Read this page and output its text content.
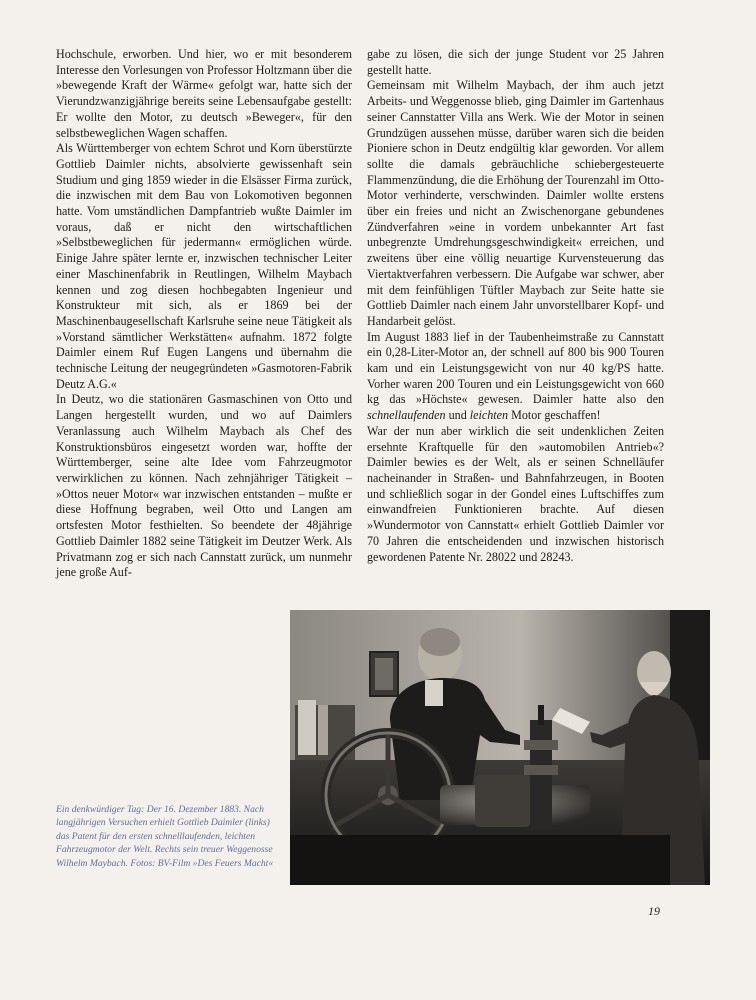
Hochschule, erworben. Und hier, wo er mit besonderem Interesse den Vorlesungen von Professor Holtzmann über die »bewegende Kraft der Wärme« gefolgt war, hatte sich der Vierundzwanzigjährige bereits seine Lebensaufgabe gestellt: Er wollte den Motor, zu deutsch »Beweger«, für den selbstbeweglichen Wagen schaffen.

Als Württemberger von echtem Schrot und Korn überstürzte Gottlieb Daimler nichts, absolvierte gewissenhaft sein Studium und ging 1859 wieder in die Elsässer Firma zurück, die inzwischen mit dem Bau von Lokomotiven begonnen hatte. Vom umständlichen Dampfantrieb wußte Daimler im voraus, daß er nicht den wirtschaftlichen »Selbstbeweglichen für jedermann« ermöglichen würde. Einige Jahre später lernte er, inzwischen technischer Leiter einer Maschinenfabrik in Reutlingen, Wilhelm Maybach kennen und zog diesen hochbegabten Ingenieur und Konstrukteur mit sich, als er 1869 bei der Maschinenbaugesellschaft Karlsruhe seine neue Tätigkeit als »Vorstand sämtlicher Werkstätten« aufnahm. 1872 folgte Daimler einem Ruf Eugen Langens und übernahm die technische Leitung der neugegründeten »Gasmotoren-Fabrik Deutz A.G.«

In Deutz, wo die stationären Gasmaschinen von Otto und Langen hergestellt wurden, und wo auf Daimlers Veranlassung auch Wilhelm Maybach als Chef des Konstruktionsbüros eingesetzt worden war, hoffte der Württemberger, seine alte Idee vom Fahrzeugmotor verwirklichen zu können. Nach zehnjähriger Tätigkeit – »Ottos neuer Motor« war inzwischen entstanden – mußte er diese Hoffnung begraben, weil Otto und Langen am ortsfesten Motor festhielten. So beendete der 48jährige Gottlieb Daimler 1882 seine Tätigkeit im Deutzer Werk. Als Privatmann zog er sich nach Cannstatt zurück, um nunmehr jene große Auf-

gabe zu lösen, die sich der junge Student vor 25 Jahren gestellt hatte.

Gemeinsam mit Wilhelm Maybach, der ihm auch jetzt Arbeits- und Weggenosse blieb, ging Daimler im Gartenhaus seiner Cannstatter Villa ans Werk. Wie der Motor in seinen Grundzügen aussehen müsse, darüber waren sich die beiden Pioniere schon in Deutz endgültig klar geworden. Vor allem sollte die damals gebräuchliche schiebergesteuerte Flammenzündung, die die Erhöhung der Tourenzahl im Otto-Motor verhinderte, verschwinden. Daimler wollte erstens über ein freies und nicht an Zwischenorgane gebundenes Zündverfahren »eine in vordem unbekannter Art fast unbegrenzte Umdrehungsgeschwindigkeit« erreichen, und zweitens über eine völlig neuartige Kurvensteuerung das Viertaktverfahren verbessern. Die Aufgabe war schwer, aber mit dem feinfühligen Tüftler Maybach zur Seite hatte sie Gottlieb Daimler nach einem Jahr unvorstellbarer Kopf- und Handarbeit gelöst.

Im August 1883 lief in der Taubenheimstraße zu Cannstatt ein 0,28-Liter-Motor an, der schnell auf 800 bis 900 Touren kam und ein Leistungsgewicht von nur 40 kg/PS hatte. Vorher waren 200 Touren und ein Leistungsgewicht von 660 kg das »Höchste« gewesen. Daimler hatte also den schnellaufenden und leichten Motor geschaffen!

War der nun aber wirklich die seit undenklichen Zeiten ersehnte Kraftquelle für den »automobilen Antrieb«? Daimler bewies es der Welt, als er seinen Schnelläufer nacheinander in Straßen- und Bahnfahrzeugen, in Booten und schließlich sogar in der Gondel eines Luftschiffes zum einwandfreien Funktionieren brachte. Auf diesen »Wundermotor von Cannstatt« erhielt Gottlieb Daimler vor 70 Jahren die entscheidenden und inzwischen historisch gewordenen Patente Nr. 28022 und 28243.

Ein denkwürdiger Tag: Der 16. Dezember 1883. Nach langjährigen Versuchen erhielt Gottlieb Daimler (links) das Patent für den ersten schnelllaufenden, leichten Fahrzeugmotor der Welt. Rechts sein treuer Weggenosse Wilhelm Maybach. Fotos: BV-Film »Des Feuers Macht«

19
